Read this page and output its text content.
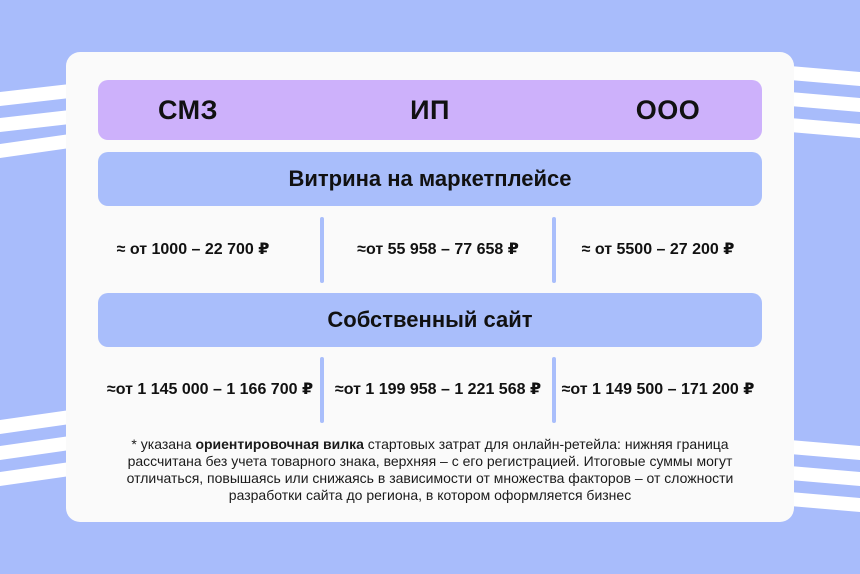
СМЗ	ИП	ООО
Витрина на маркетплейсе
≈ от 1000 – 22 700 ₽	≈от 55 958 – 77 658 ₽	≈ от 5500 – 27 200 ₽
Собственный сайт
≈от 1 145 000 – 1 166 700 ₽	≈от 1 199 958 – 1 221 568 ₽	≈от 1 149 500 – 171 200 ₽
* указана ориентировочная вилка стартовых затрат для онлайн-ретейла: нижняя граница рассчитана без учета товарного знака, верхняя – с его регистрацией. Итоговые суммы могут отличаться, повышаясь или снижаясь в зависимости от множества факторов – от сложности разработки сайта до региона, в котором оформляется бизнес
